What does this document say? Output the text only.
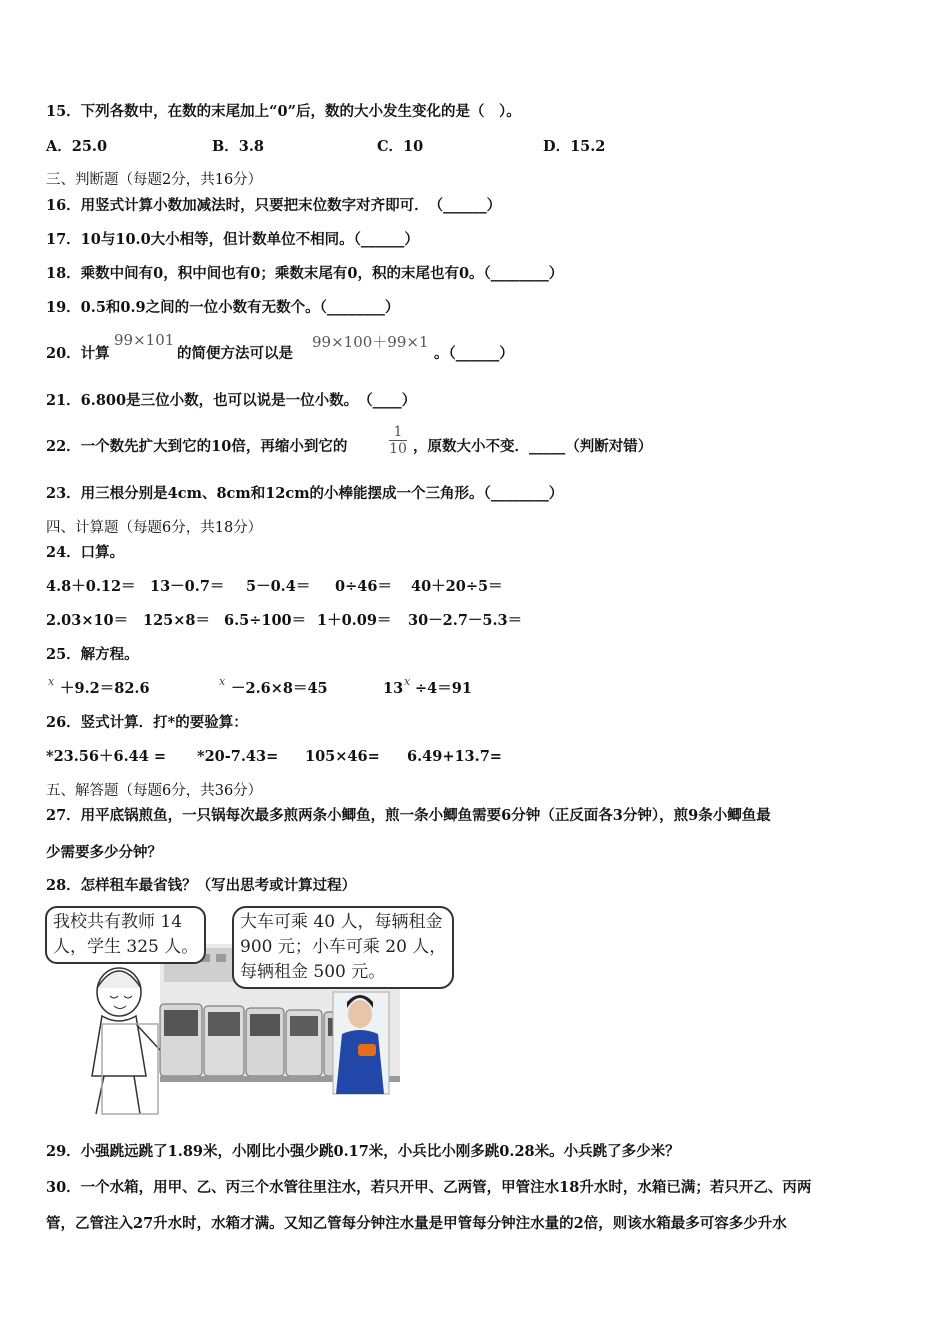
15．下列各数中，在数的末尾加上“0”后，数的大小发生变化的是（　）。
A．25.0	B．3.8	C．10	D．15.2
三、判断题（每题2分，共16分）
16．用竖式计算小数加减法时，只要把末位数字对齐即可．　（______）
17．10与10.0大小相等，但计数单位不相同。（______）
18．乘数中间有0，积中间也有0；乘数末尾有0，积的末尾也有0。（________）
19．0.5和0.9之间的一位小数有无数个。（________）
20．计算
99×101
的简便方法可以是
99×100＋99×1
。（______）
21．6.800是三位小数，也可以说是一位小数。　（____）
22．一个数先扩大到它的10倍，再缩小到它的
1
10 ，原数大小不变．_____（判断对错）
23．用三根分别是4cm、8cm和12cm的小棒能摆成一个三角形。（________）
四、计算题（每题6分，共18分）
24．口算。
4.8＋0.12＝ 13－0.7＝ 5－0.4＝ 0÷46＝ 40＋20÷5＝
2.03×10＝ 125×8＝ 6.5÷100＝ 1＋0.09＝ 30－2.7－5.3＝
25．解方程。
x ＋9.2＝82.6	x －2.6×8＝45	13 x ÷4＝91
26．竖式计算．打*的要验算：
*23.56＋6.44 = *20-7.43= 105×46= 6.49+13.7=
五、解答题（每题6分，共36分）
27．用平底锅煎鱼，一只锅每次最多煎两条小鲫鱼，煎一条小鲫鱼需要6分钟（正反面各3分钟），煎9条小鲫鱼最
少需要多少分钟？
28．怎样租车最省钱？（写出思考或计算过程）
我校共有教师 14
人，学生 325 人。
大车可乘 40 人，每辆租金
900 元；小车可乘 20 人，
每辆租金 500 元。
29．小强跳远跳了1.89米，小刚比小强少跳0.17米，小兵比小刚多跳0.28米。小兵跳了多少米？
30．一个水箱，用甲、乙、丙三个水管往里注水，若只开甲、乙两管，甲管注水18升水时，水箱已满；若只开乙、丙两
管，乙管注入27升水时，水箱才满。又知乙管每分钟注水量是甲管每分钟注水量的2倍，则该水箱最多可容多少升水
